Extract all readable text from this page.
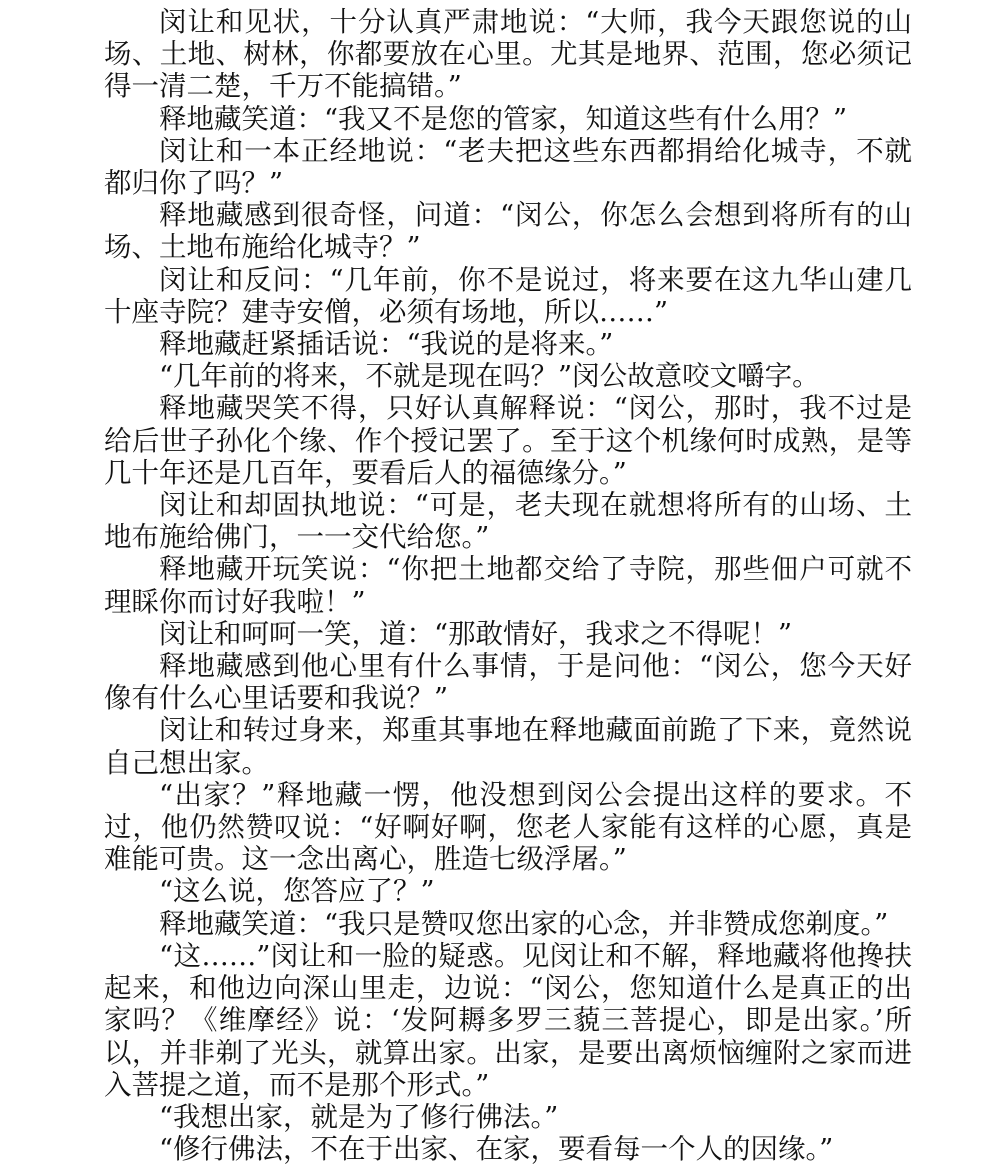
闵让和见状，十分认真严肃地说：“大师，我今天跟您说的山场、土地、树林，你都要放在心里。尤其是地界、范围，您必须记得一清二楚，千万不能搞错。”

释地藏笑道：“我又不是您的管家，知道这些有什么用？”

闵让和一本正经地说：“老夫把这些东西都捐给化城寺，不就都归你了吗？”

释地藏感到很奇怪，问道：“闵公，你怎么会想到将所有的山场、土地布施给化城寺？”

闵让和反问：“几年前，你不是说过，将来要在这九华山建几十座寺院？建寺安僧，必须有场地，所以……”

释地藏赶紧插话说：“我说的是将来。”

“几年前的将来，不就是现在吗？”闵公故意咬文嚼字。

释地藏哭笑不得，只好认真解释说：“闵公，那时，我不过是给后世子孙化个缘、作个授记罢了。至于这个机缘何时成熟，是等几十年还是几百年，要看后人的福德缘分。”

闵让和却固执地说：“可是，老夫现在就想将所有的山场、土地布施给佛门，一一交代给您。”

释地藏开玩笑说：“你把土地都交给了寺院，那些佃户可就不理睬你而讨好我啦！”

闵让和呵呵一笑，道：“那敢情好，我求之不得呢！”

释地藏感到他心里有什么事情，于是问他：“闵公，您今天好像有什么心里话要和我说？”

闵让和转过身来，郑重其事地在释地藏面前跪了下来，竟然说自己想出家。

“出家？”释地藏一愣，他没想到闵公会提出这样的要求。不过，他仍然赞叹说：“好啊好啊，您老人家能有这样的心愿，真是难能可贵。这一念出离心，胜造七级浮屠。”

“这么说，您答应了？”

释地藏笑道：“我只是赞叹您出家的心念，并非赞成您剃度。”

“这……”闵让和一脸的疑惑。见闵让和不解，释地藏将他搀扶起来，和他边向深山里走，边说：“闵公，您知道什么是真正的出家吗？《维摩经》说：‘发阿耨多罗三藐三菩提心，即是出家。’所以，并非剃了光头，就算出家。出家，是要出离烦恼缠附之家而进入菩提之道，而不是那个形式。”

“我想出家，就是为了修行佛法。”

“修行佛法，不在于出家、在家，要看每一个人的因缘。”
